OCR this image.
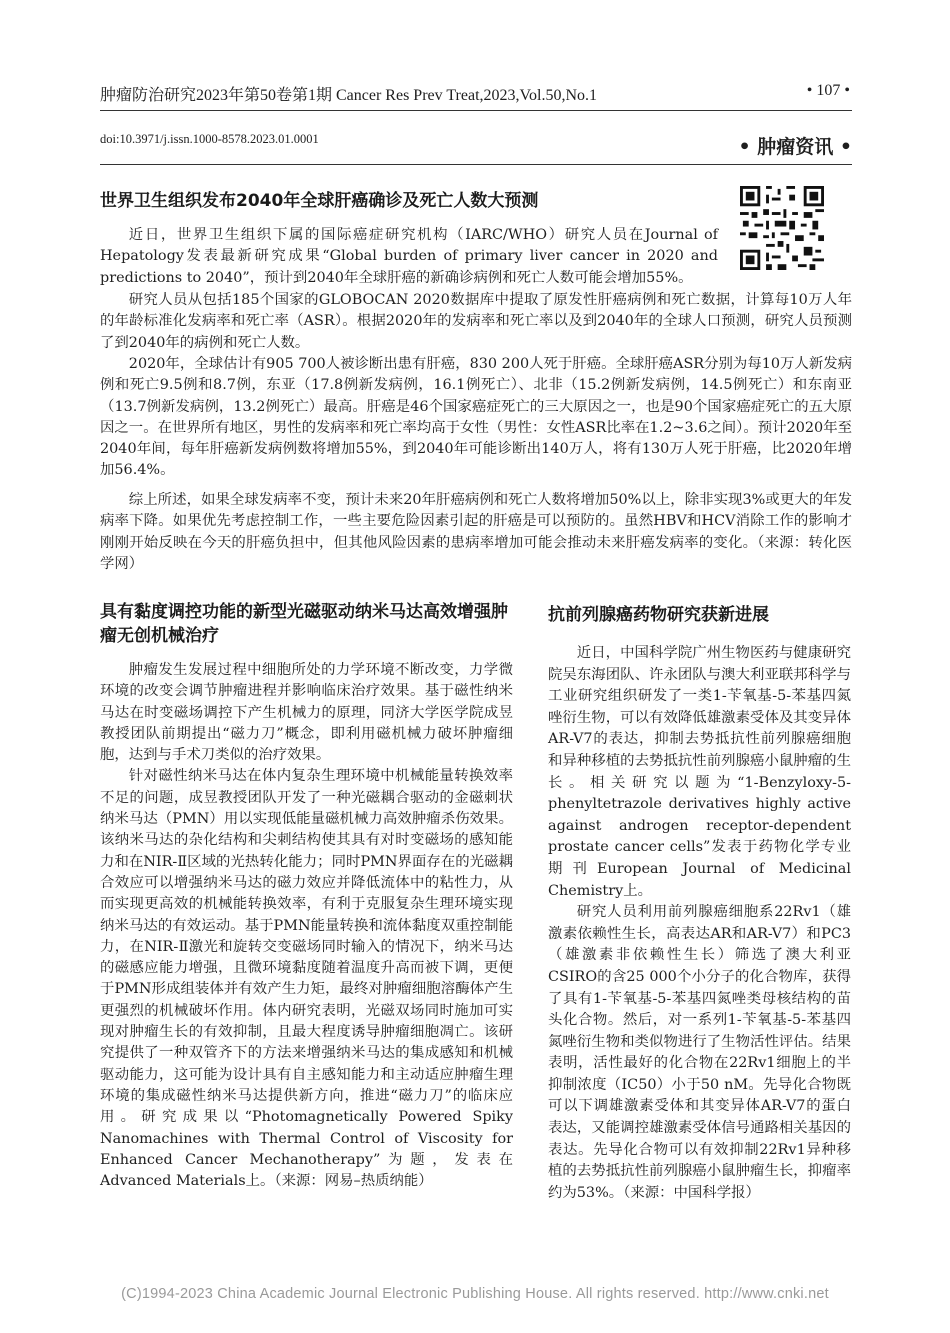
肿瘤防治研究2023年第50卷第1期 Cancer Res Prev Treat,2023,Vol.50,No.1	• 107 •
doi:10.3971/j.issn.1000-8578.2023.01.0001	• 肿瘤资讯 •
世界卫生组织发布2040年全球肝癌确诊及死亡人数大预测

近日，世界卫生组织下属的国际癌症研究机构（IARC/WHO）研究人员在Journal of Hepatology发表最新研究成果“Global burden of primary liver cancer in 2020 and predictions to 2040”，预计到2040年全球肝癌的新确诊病例和死亡人数可能会增加55%。

研究人员从包括185个国家的GLOBOCAN 2020数据库中提取了原发性肝癌病例和死亡数据，计算每10万人年的年龄标准化发病率和死亡率（ASR）。根据2020年的发病率和死亡率以及到2040年的全球人口预测，研究人员预测了到2040年的病例和死亡人数。

2020年，全球估计有905 700人被诊断出患有肝癌，830 200人死于肝癌。全球肝癌ASR分别为每10万人新发病例和死亡9.5例和8.7例，东亚（17.8例新发病例，16.1例死亡）、北非（15.2例新发病例，14.5例死亡）和东南亚（13.7例新发病例，13.2例死亡）最高。肝癌是46个国家癌症死亡的三大原因之一，也是90个国家癌症死亡的五大原因之一。在世界所有地区，男性的发病率和死亡率均高于女性（男性：女性ASR比率在1.2~3.6之间）。预计2020年至2040年间，每年肝癌新发病例数将增加55%，到2040年可能诊断出140万人，将有130万人死于肝癌，比2020年增加56.4%。

综上所述，如果全球发病率不变，预计未来20年肝癌病例和死亡人数将增加50%以上，除非实现3%或更大的年发病率下降。如果优先考虑控制工作，一些主要危险因素引起的肝癌是可以预防的。虽然HBV和HCV消除工作的影响才刚刚开始反映在今天的肝癌负担中，但其他风险因素的患病率增加可能会推动未来肝癌发病率的变化。（来源：转化医学网）

具有黏度调控功能的新型光磁驱动纳米马达高效增强肿瘤无创机械治疗
抗前列腺癌药物研究获新进展

肿瘤发生发展过程中细胞所处的力学环境不断改变，力学微环境的改变会调节肿瘤进程并影响临床治疗效果。基于磁性纳米马达在时变磁场调控下产生机械力的原理，同济大学医学院成昱教授团队前期提出“磁力刀”概念，即利用磁机械力破坏肿瘤细胞，达到与手术刀类似的治疗效果。

针对磁性纳米马达在体内复杂生理环境中机械能量转换效率不足的问题，成昱教授团队开发了一种光磁耦合驱动的金磁刺状纳米马达（PMN）用以实现低能量磁机械力高效肿瘤杀伤效果。该纳米马达的杂化结构和尖刺结构使其具有对时变磁场的感知能力和在NIR-Ⅱ区域的光热转化能力；同时PMN界面存在的光磁耦合效应可以增强纳米马达的磁力效应并降低流体中的粘性力，从而实现更高效的机械能转换效率，有利于克服复杂生理环境实现纳米马达的有效运动。基于PMN能量转换和流体黏度双重控制能力，在NIR-Ⅱ激光和旋转交变磁场同时输入的情况下，纳米马达的磁感应能力增强，且微环境黏度随着温度升高而被下调，更便于PMN形成组装体并有效产生力矩，最终对肿瘤细胞溶酶体产生更强烈的机械破坏作用。体内研究表明，光磁双场同时施加可实现对肿瘤生长的有效抑制，且最大程度诱导肿瘤细胞凋亡。该研究提供了一种双管齐下的方法来增强纳米马达的集成感知和机械驱动能力，这可能为设计具有自主感知能力和主动适应肿瘤生理环境的集成磁性纳米马达提供新方向，推进“磁力刀”的临床应用。研究成果以“Photomagnetically Powered Spiky Nanomachines with Thermal Control of Viscosity for Enhanced Cancer Mechanotherapy”为题，发表在Advanced Materials上。（来源：网易–热质纳能）

近日，中国科学院广州生物医药与健康研究院吴东海团队、许永团队与澳大利亚联邦科学与工业研究组织研发了一类1-苄氧基-5-苯基四氮唑衍生物，可以有效降低雄激素受体及其变异体AR-V7的表达，抑制去势抵抗性前列腺癌细胞和异种移植的去势抵抗性前列腺癌小鼠肿瘤的生长。相关研究以题为“1-Benzyloxy-5-phenyltetrazole derivatives highly active against androgen receptor-dependent prostate cancer cells”发表于药物化学专业期刊European Journal of Medicinal Chemistry上。

研究人员利用前列腺癌细胞系22Rv1（雄激素依赖性生长，高表达AR和AR-V7）和PC3（雄激素非依赖性生长）筛选了澳大利亚CSIRO的含25 000个小分子的化合物库，获得了具有1-苄氧基-5-苯基四氮唑类母核结构的苗头化合物。然后，对一系列1-苄氧基-5-苯基四氮唑衍生物和类似物进行了生物活性评估。结果表明，活性最好的化合物在22Rv1细胞上的半抑制浓度（IC50）小于50 nM。先导化合物既可以下调雄激素受体和其变异体AR-V7的蛋白表达，又能调控雄激素受体信号通路相关基因的表达。先导化合物可以有效抑制22Rv1异种移植的去势抵抗性前列腺癌小鼠肿瘤生长，抑瘤率约为53%。（来源：中国科学报）

(C)1994-2023 China Academic Journal Electronic Publishing House. All rights reserved. http://www.cnki.net
